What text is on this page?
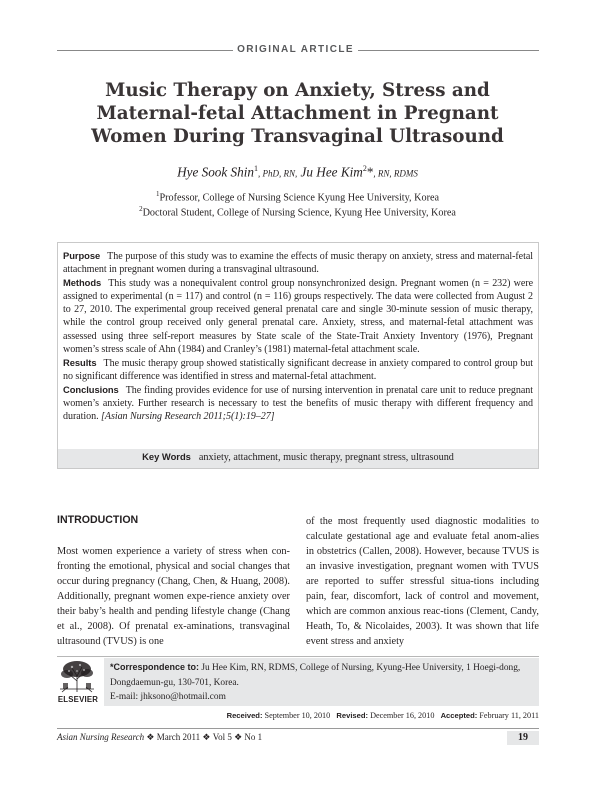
ORIGINAL ARTICLE
Music Therapy on Anxiety, Stress and
Maternal-fetal Attachment in Pregnant
Women During Transvaginal Ultrasound
Hye Sook Shin$^1$, PhD, RN, Ju Hee Kim$^2$*, RN, RDMS
$^1$Professor, College of Nursing Science Kyung Hee University, Korea
$^2$Doctoral Student, College of Nursing Science, Kyung Hee University, Korea

Purpose The purpose of this study was to examine the effects of music therapy on anxiety, stress and maternal-fetal attachment in pregnant women during a transvaginal ultrasound.

Methods This study was a nonequivalent control group nonsynchronized design. Pregnant women (n = 232) were assigned to experimental (n = 117) and control (n = 116) groups respectively. The data were collected from August 2 to 27, 2010. The experimental group received general prenatal care and single 30-minute session of music therapy, while the control group received only general prenatal care. Anxiety, stress, and maternal-fetal attachment was assessed using three self-report measures by State scale of the State-Trait Anxiety Inventory (1976), Pregnant women’s stress scale of Ahn (1984) and Cranley’s (1981) maternal-fetal attachment scale.

Results The music therapy group showed statistically significant decrease in anxiety compared to control group but no significant difference was identified in stress and maternal-fetal attachment.

Conclusions The finding provides evidence for use of nursing intervention in prenatal care unit to reduce pregnant women’s anxiety. Further research is necessary to test the benefits of music therapy with different frequency and duration. [Asian Nursing Research 2011;5(1):19–27]

Key Words anxiety, attachment, music therapy, pregnant stress, ultrasound
INTRODUCTION
Most women experience a variety of stress when con-fronting the emotional, physical and social changes that occur during pregnancy (Chang, Chen, & Huang, 2008). Additionally, pregnant women expe-rience anxiety over their baby’s health and pending lifestyle change (Chang et al., 2008). Of prenatal ex-aminations, transvaginal ultrasound (TVUS) is one
of the most frequently used diagnostic modalities to calculate gestational age and evaluate fetal anom-alies in obstetrics (Callen, 2008). However, because TVUS is an invasive investigation, pregnant women with TVUS are reported to suffer stressful situa-tions including pain, fear, discomfort, lack of control and movement, which are common anxious reac-tions (Clement, Candy, Heath, To, & Nicolaides, 2003). It was shown that life event stress and anxiety
ELSEVIER
*Correspondence to: Ju Hee Kim, RN, RDMS, College of Nursing, Kyung-Hee University, 1 Hoegi-dong,
Dongdaemun-gu, 130-701, Korea.
E-mail: jhksono@hotmail.com
Received: September 10, 2010 Revised: December 16, 2010 Accepted: February 11, 2011
Asian Nursing Research ❖ March 2011 ❖ Vol 5 ❖ No 1	19
